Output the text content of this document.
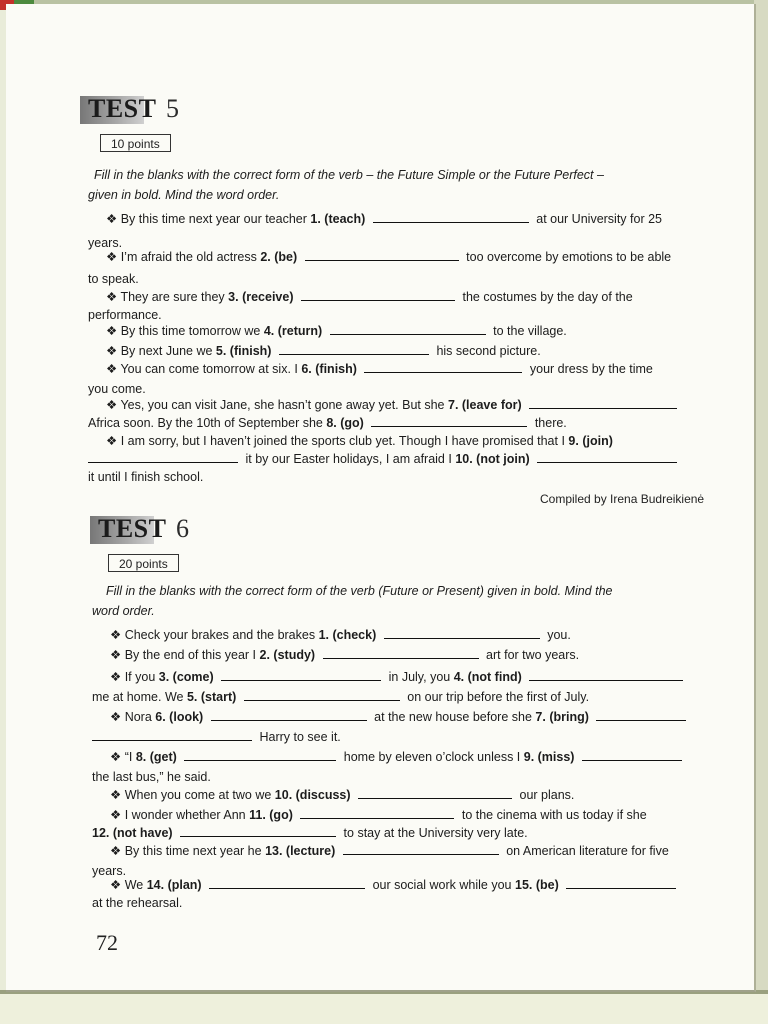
TEST 5
10 points
Fill in the blanks with the correct form of the verb – the Future Simple or the Future Perfect –
given in bold. Mind the word order.
❖ By this time next year our teacher 1. (teach)	at our University for 25
years.
❖ I’m afraid the old actress 2. (be)	too overcome by emotions to be able
to speak.
❖ They are sure they 3. (receive)	the costumes by the day of the
performance.
❖ By this time tomorrow we 4. (return)	to the village.
❖ By next June we 5. (finish)	his second picture.
❖ You can come tomorrow at six. I 6. (finish)	your dress by the time
you come.
❖ Yes, you can visit Jane, she hasn’t gone away yet. But she 7. (leave for)
Africa soon. By the 10th of September she 8. (go)	there.
❖ I am sorry, but I haven’t joined the sports club yet. Though I have promised that I 9. (join)
it by our Easter holidays, I am afraid I 10. (not join)
it until I finish school.
Compiled by Irena Budreikienė
TEST 6
20 points
Fill in the blanks with the correct form of the verb (Future or Present) given in bold. Mind the
word order.
❖ Check your brakes and the brakes 1. (check)	you.
❖ By the end of this year I 2. (study)	art for two years.
❖ If you 3. (come)	in July, you 4. (not find)
me at home. We 5. (start)	on our trip before the first of July.
❖ Nora 6. (look)	at the new house before she 7. (bring)
Harry to see it.
❖ “I 8. (get)	home by eleven o’clock unless I 9. (miss)
the last bus,” he said.
❖ When you come at two we 10. (discuss)	our plans.
❖ I wonder whether Ann 11. (go)	to the cinema with us today if she
12. (not have)	to stay at the University very late.
❖ By this time next year he 13. (lecture)	on American literature for five
years.
❖ We 14. (plan)	our social work while you 15. (be)
at the rehearsal.
72
